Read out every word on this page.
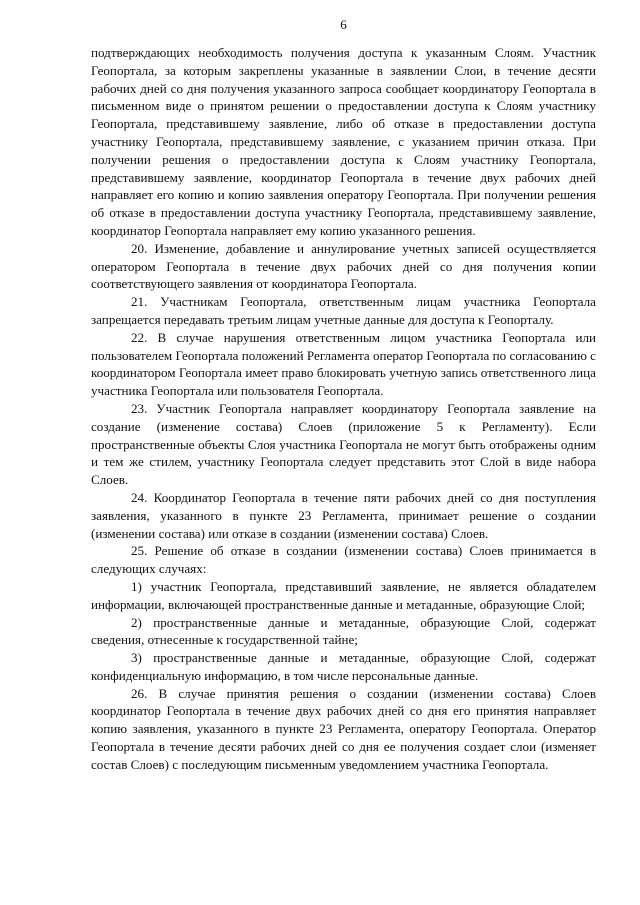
6

подтверждающих необходимость получения доступа к указанным Слоям. Участник Геопортала, за которым закреплены указанные в заявлении Слои, в течение десяти рабочих дней со дня получения указанного запроса сообщает координатору Геопортала в письменном виде о принятом решении о предоставлении доступа к Слоям участнику Геопортала, представившему заявление, либо об отказе в предоставлении доступа участнику Геопортала, представившему заявление, с указанием причин отказа. При получении решения о предоставлении доступа к Слоям участнику Геопортала, представившему заявление, координатор Геопортала в течение двух рабочих дней направляет его копию и копию заявления оператору Геопортала. При получении решения об отказе в предоставлении доступа участнику Геопортала, представившему заявление, координатор Геопортала направляет ему копию указанного решения.

20. Изменение, добавление и аннулирование учетных записей осуществляется оператором Геопортала в течение двух рабочих дней со дня получения копии соответствующего заявления от координатора Геопортала.

21. Участникам Геопортала, ответственным лицам участника Геопортала запрещается передавать третьим лицам учетные данные для доступа к Геопорталу.

22. В случае нарушения ответственным лицом участника Геопортала или пользователем Геопортала положений Регламента оператор Геопортала по согласованию с координатором Геопортала имеет право блокировать учетную запись ответственного лица участника Геопортала или пользователя Геопортала.

23. Участник Геопортала направляет координатору Геопортала заявление на создание (изменение состава) Слоев (приложение 5 к Регламенту). Если пространственные объекты Слоя участника Геопортала не могут быть отображены одним и тем же стилем, участнику Геопортала следует представить этот Слой в виде набора Слоев.

24. Координатор Геопортала в течение пяти рабочих дней со дня поступления заявления, указанного в пункте 23 Регламента, принимает решение о создании (изменении состава) или отказе в создании (изменении состава) Слоев.

25. Решение об отказе в создании (изменении состава) Слоев принимается в следующих случаях:

1) участник Геопортала, представивший заявление, не является обладателем информации, включающей пространственные данные и метаданные, образующие Слой;

2) пространственные данные и метаданные, образующие Слой, содержат сведения, отнесенные к государственной тайне;

3) пространственные данные и метаданные, образующие Слой, содержат конфиденциальную информацию, в том числе персональные данные.

26. В случае принятия решения о создании (изменении состава) Слоев координатор Геопортала в течение двух рабочих дней со дня его принятия направляет копию заявления, указанного в пункте 23 Регламента, оператору Геопортала. Оператор Геопортала в течение десяти рабочих дней со дня ее получения создает слои (изменяет состав Слоев) с последующим письменным уведомлением участника Геопортала.
